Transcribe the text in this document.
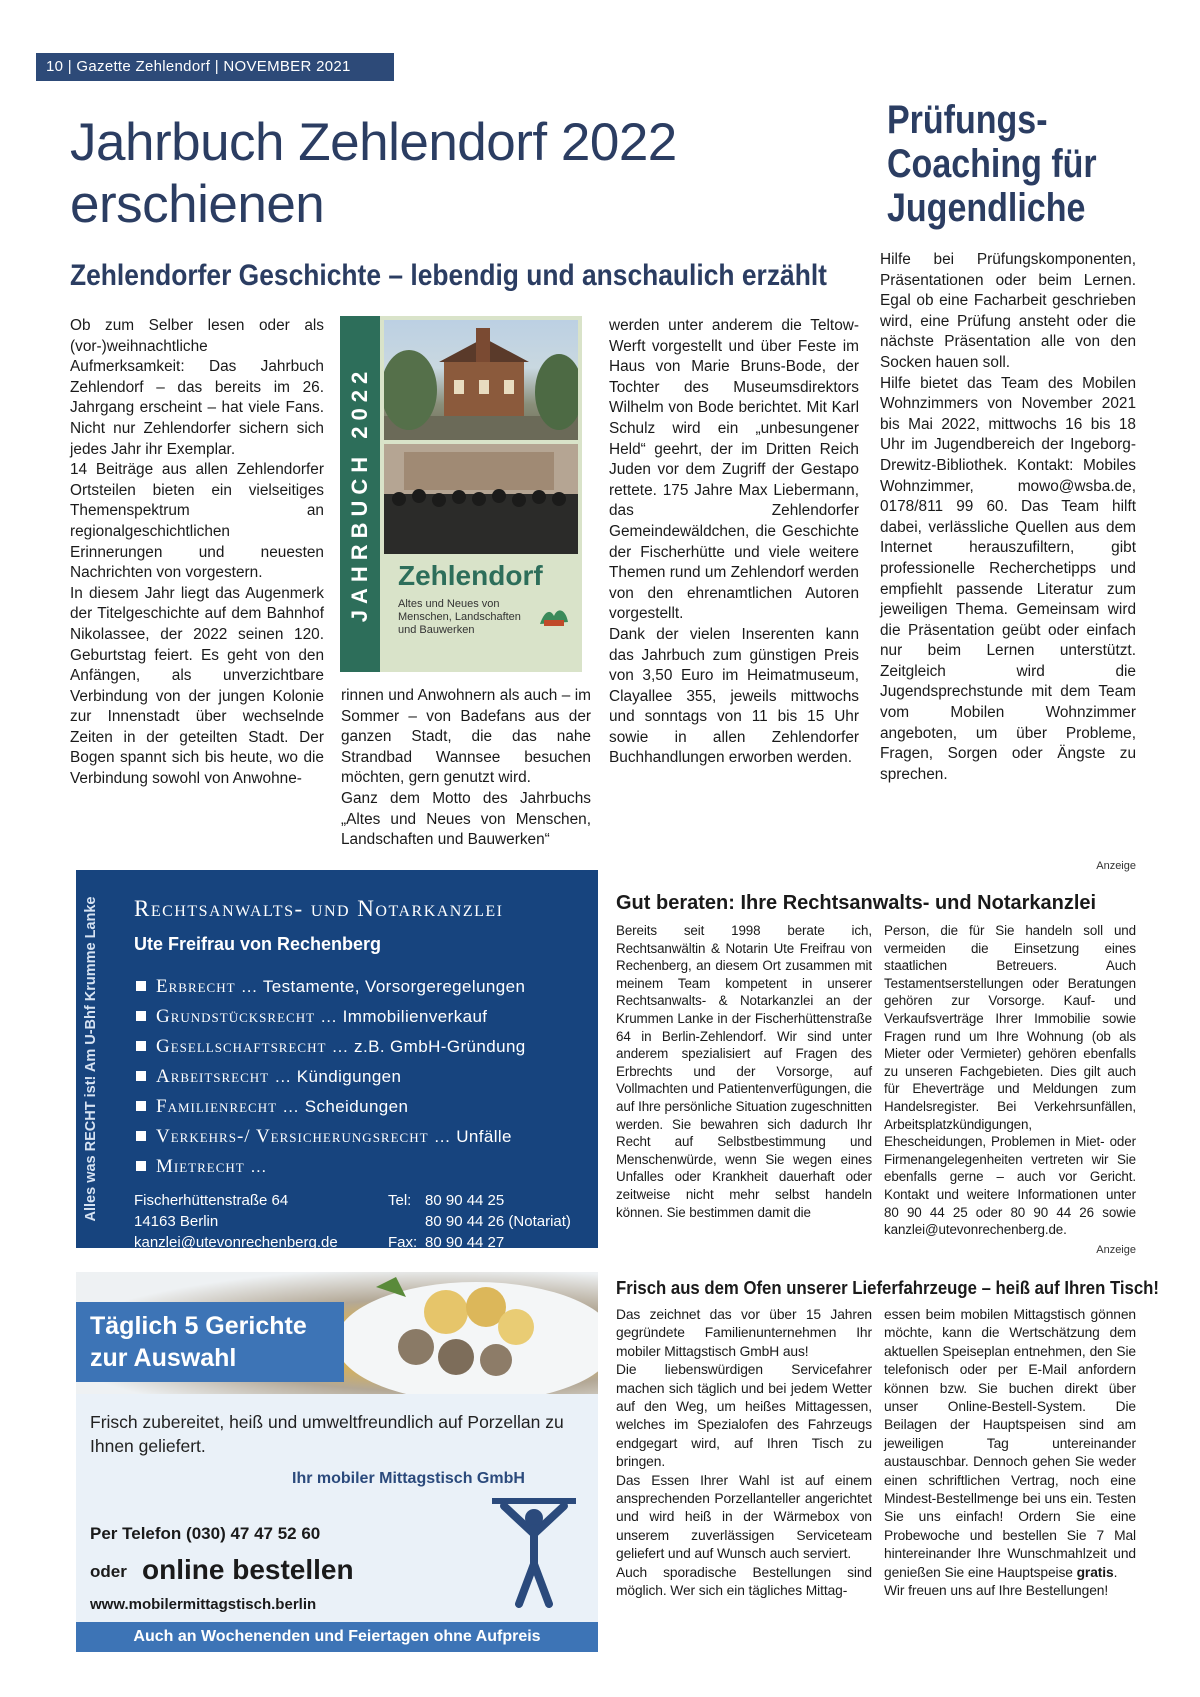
10 | Gazette Zehlendorf | NOVEMBER 2021
Jahrbuch Zehlendorf 2022
erschienen
Zehlendorfer Geschichte – lebendig und anschaulich erzählt

Ob zum Selber lesen oder als (vor-)weihnachtliche Aufmerksamkeit: Das Jahrbuch Zehlendorf – das bereits im 26. Jahrgang erscheint – hat viele Fans. Nicht nur Zehlendorfer sichern sich jedes Jahr ihr Exemplar.

14 Beiträge aus allen Zehlendorfer Ortsteilen bieten ein vielseitiges Themenspektrum an regionalgeschichtlichen Erinnerungen und neuesten Nachrichten von vorgestern.

In diesem Jahr liegt das Augenmerk der Titelgeschichte auf dem Bahnhof Nikolassee, der 2022 seinen 120. Geburtstag feiert. Es geht von den Anfängen, als unverzichtbare Verbindung von der jungen Kolonie zur Innenstadt über wechselnde Zeiten in der geteilten Stadt. Der Bogen spannt sich bis heute, wo die Verbindung sowohl von Anwohne-

rinnen und Anwohnern als auch – im Sommer – von Badefans aus der ganzen Stadt, die das nahe Strandbad Wannsee besuchen möchten, gern genutzt wird.

Ganz dem Motto des Jahrbuchs „Altes und Neues von Menschen, Landschaften und Bauwerken“

werden unter anderem die Teltow-Werft vorgestellt und über Feste im Haus von Marie Bruns-Bode, der Tochter des Museumsdirektors Wilhelm von Bode berichtet. Mit Karl Schulz wird ein „unbesungener Held“ geehrt, der im Dritten Reich Juden vor dem Zugriff der Gestapo rettete. 175 Jahre Max Liebermann, das Zehlendorfer Gemeindewäldchen, die Geschichte der Fischerhütte und viele weitere Themen rund um Zehlendorf werden von den ehrenamtlichen Autoren vorgestellt.

Dank der vielen Inserenten kann das Jahrbuch zum günstigen Preis von 3,50 Euro im Heimatmuseum, Clayallee 355, jeweils mittwochs und sonntags von 11 bis 15 Uhr sowie in allen Zehlendorfer Buchhandlungen erworben werden.

JAHRBUCH 2022 Zehlendorf
Altes und Neues von Menschen, Landschaften und Bauwerken
Prüfungs-
Coaching für
Jugendliche

Hilfe bei Prüfungskomponenten, Präsentationen oder beim Lernen. Egal ob eine Facharbeit geschrieben wird, eine Prüfung ansteht oder die nächste Präsentation alle von den Socken hauen soll.

Hilfe bietet das Team des Mobilen Wohnzimmers von November 2021 bis Mai 2022, mittwochs 16 bis 18 Uhr im Jugendbereich der Ingeborg-Drewitz-Bibliothek. Kontakt: Mobiles Wohnzimmer, mowo@wsba.de, 0178/811 99 60. Das Team hilft dabei, verlässliche Quellen aus dem Internet herauszufiltern, gibt professionelle Recherchetipps und empfiehlt passende Literatur zum jeweiligen Thema. Gemeinsam wird die Präsentation geübt oder einfach nur beim Lernen unterstützt. Zeitgleich wird die Jugendsprechstunde mit dem Team vom Mobilen Wohnzimmer angeboten, um über Probleme, Fragen, Sorgen oder Ängste zu sprechen.

Anzeige
Alles was RECHT ist! Am U-Bhf Krumme Lanke Rechtsanwalts- und Notarkanzlei
Ute Freifrau von Rechenberg
Erbrecht … Testamente, Vorsorgeregelungen
Grundstücksrecht … Immobilienverkauf
Gesellschaftsrecht … z.B. GmbH-Gründung
Arbeitsrecht … Kündigungen
Familienrecht … Scheidungen
Verkehrs-/ Versicherungsrecht … Unfälle
Mietrecht …
Fischerhüttenstraße 64
14163 Berlin
kanzlei@utevonrechenberg.de
Tel:

Fax:
80 90 44 25
80 90 44 26 (Notariat)
80 90 44 27
Gut beraten: Ihre Rechtsanwalts- und Notarkanzlei

Bereits seit 1998 berate ich, Rechtsanwältin & Notarin Ute Freifrau von Rechenberg, an diesem Ort zusammen mit meinem Team kompetent in unserer Rechtsanwalts- & Notarkanzlei an der Krummen Lanke in der Fischerhüttenstraße 64 in Berlin-Zehlendorf. Wir sind unter anderem spezialisiert auf Fragen des Erbrechts und der Vorsorge, auf Vollmachten und Patientenverfügungen, die auf Ihre persönliche Situation zugeschnitten werden. Sie bewahren sich dadurch Ihr Recht auf Selbstbestimmung und Menschenwürde, wenn Sie wegen eines Unfalles oder Krankheit dauerhaft oder zeitweise nicht mehr selbst handeln können. Sie bestimmen damit die

Person, die für Sie handeln soll und vermeiden die Einsetzung eines staatlichen Betreuers. Auch Testamentserstellungen oder Beratungen gehören zur Vorsorge. Kauf- und Verkaufsverträge Ihrer Immobilie sowie Fragen rund um Ihre Wohnung (ob als Mieter oder Vermieter) gehören ebenfalls zu unseren Fachgebieten. Dies gilt auch für Eheverträge und Meldungen zum Handelsregister. Bei Verkehrsunfällen, Arbeitsplatzkündigungen, Ehescheidungen, Problemen in Miet- oder Firmenangelegenheiten vertreten wir Sie ebenfalls gerne – auch vor Gericht. Kontakt und weitere Informationen unter 80 90 44 25 oder 80 90 44 26 sowie kanzlei@utevonrechenberg.de.

Anzeige
Täglich 5 Gerichte
zur Auswahl
Frisch zubereitet, heiß und umweltfreundlich auf Porzellan zu Ihnen geliefert.
Ihr mobiler Mittagstisch GmbH
Per Telefon (030) 47 47 52 60
oder online bestellen
www.mobilermittagstisch.berlin
Auch an Wochenenden und Feiertagen ohne Aufpreis
Frisch aus dem Ofen unserer Lieferfahrzeuge – heiß auf Ihren Tisch!

Das zeichnet das vor über 15 Jahren gegründete Familienunternehmen Ihr mobiler Mittagstisch GmbH aus!

Die liebenswürdigen Servicefahrer machen sich täglich und bei jedem Wetter auf den Weg, um heißes Mittagessen, welches im Spezialofen des Fahrzeugs endgegart wird, auf Ihren Tisch zu bringen.

Das Essen Ihrer Wahl ist auf einem ansprechenden Porzellanteller angerichtet und wird heiß in der Wärmebox von unserem zuverlässigen Serviceteam geliefert und auf Wunsch auch serviert.

Auch sporadische Bestellungen sind möglich. Wer sich ein tägliches Mittag-

essen beim mobilen Mittagstisch gönnen möchte, kann die Wertschätzung dem aktuellen Speiseplan entnehmen, den Sie telefonisch oder per E-Mail anfordern können bzw. Sie buchen direkt über unser Online-Bestell-System. Die Beilagen der Hauptspeisen sind am jeweiligen Tag untereinander austauschbar. Dennoch gehen Sie weder einen schriftlichen Vertrag, noch eine Mindest-Bestellmenge bei uns ein. Testen Sie uns einfach! Ordern Sie eine Probewoche und bestellen Sie 7 Mal hintereinander Ihre Wunschmahlzeit und genießen Sie eine Hauptspeise gratis.

Wir freuen uns auf Ihre Bestellungen!
